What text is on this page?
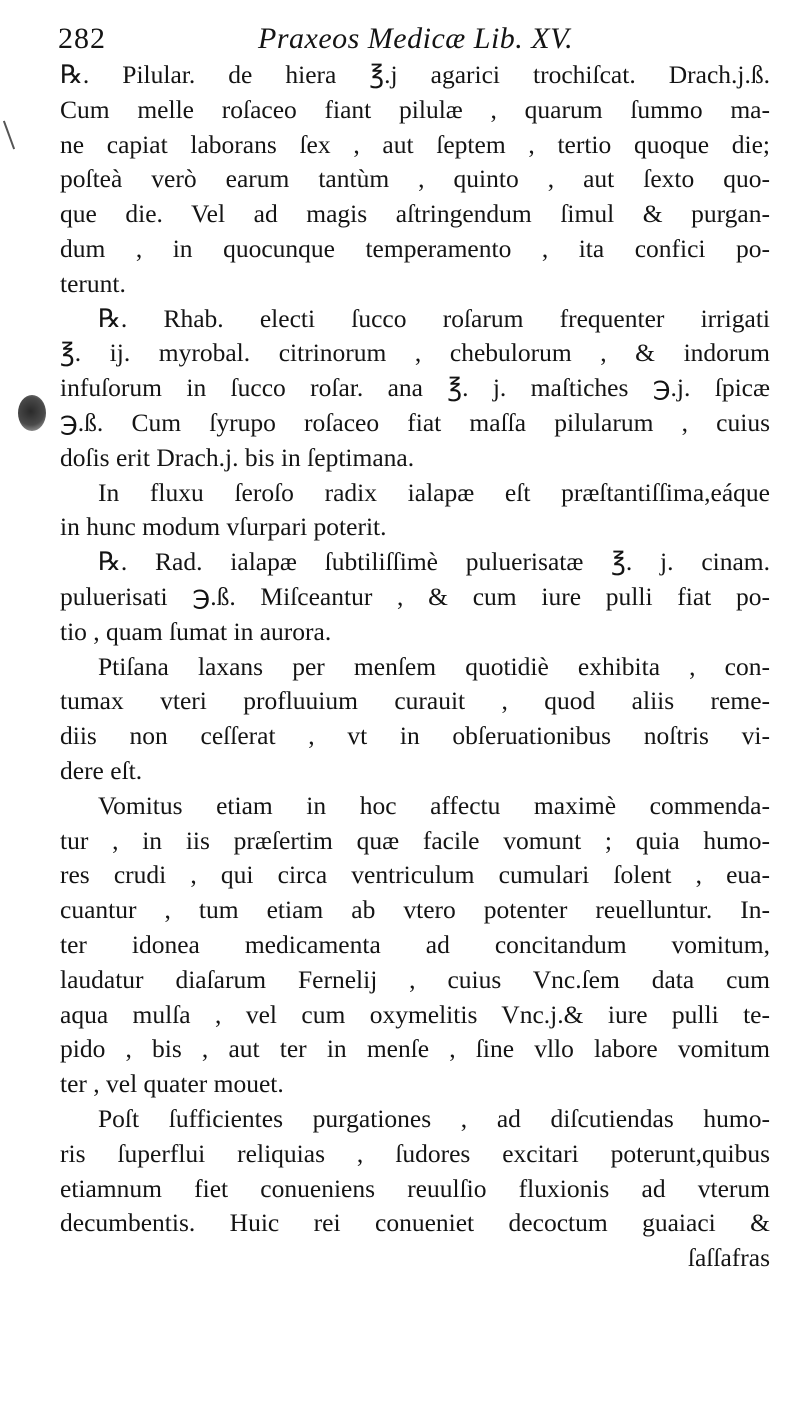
282	Praxeos Medicæ Lib. XV.
℞. Pilular. de hiera ℥.j agarici trochiſcat. Drach.j.ß.
Cum melle roſaceo fiant pilulæ , quarum ſummo ma-
ne capiat laborans ſex , aut ſeptem , tertio quoque die;
poſteà verò earum tantùm , quinto , aut ſexto quo-
que die. Vel ad magis aſtringendum ſimul & purgan-
dum , in quocunque temperamento , ita confici po-
terunt.
℞. Rhab. electi ſucco roſarum frequenter irrigati
℥. ij. myrobal. citrinorum , chebulorum , & indorum
infuſorum in ſucco roſar. ana ℥. j. maſtiches ℈.j. ſpicæ
℈.ß. Cum ſyrupo roſaceo fiat maſſa pilularum , cuius
doſis erit Drach.j. bis in ſeptimana.
In fluxu ſeroſo radix ialapæ eſt præſtantiſſima,eáque
in hunc modum vſurpari poterit.
℞. Rad. ialapæ ſubtiliſſimè puluerisatæ ℥. j. cinam.
puluerisati ℈.ß. Miſceantur , & cum iure pulli fiat po-
tio , quam ſumat in aurora.
Ptiſana laxans per menſem quotidiè exhibita , con-
tumax vteri profluuium curauit , quod aliis reme-
diis non ceſſerat , vt in obſeruationibus noſtris vi-
dere eſt.
Vomitus etiam in hoc affectu maximè commenda-
tur , in iis præſertim quæ facile vomunt ; quia humo-
res crudi , qui circa ventriculum cumulari ſolent , eua-
cuantur , tum etiam ab vtero potenter reuelluntur. In-
ter idonea medicamenta ad concitandum vomitum,
laudatur diaſarum Fernelij , cuius Vnc.ſem data cum
aqua mulſa , vel cum oxymelitis Vnc.j.& iure pulli te-
pido , bis , aut ter in menſe , ſine vllo labore vomitum
ter , vel quater mouet.
Poſt ſufficientes purgationes , ad diſcutiendas humo-
ris ſuperflui reliquias , ſudores excitari poterunt,quibus
etiamnum fiet conueniens reuulſio fluxionis ad vterum
decumbentis. Huic rei conueniet decoctum guaiaci &
ſaſſafras
